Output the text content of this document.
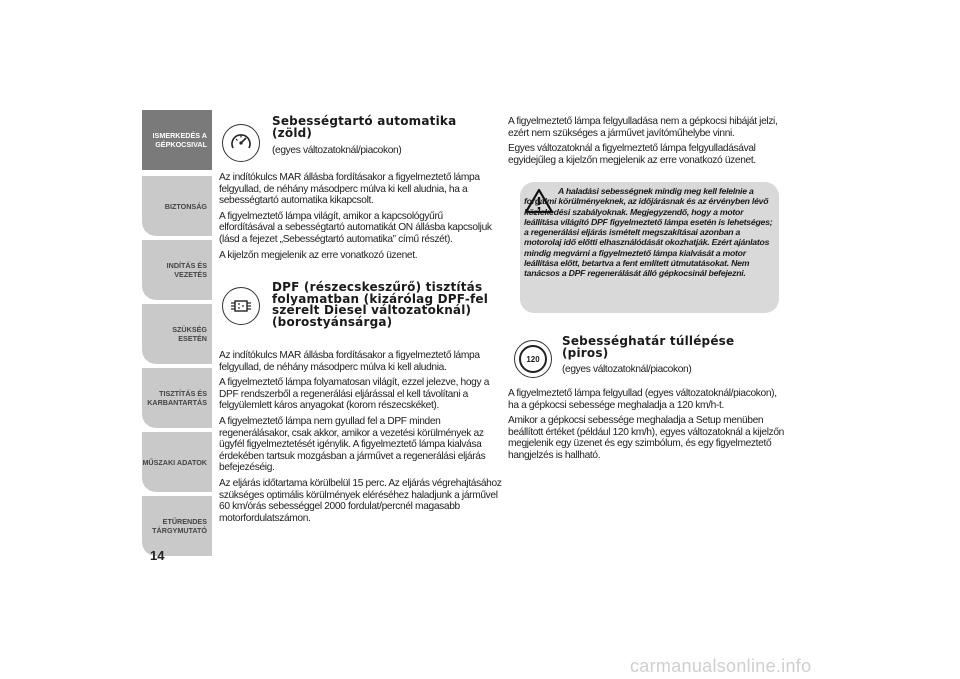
ISMERKEDÉS A
GÉPKOCSIVAL
BIZTONSÁG
INDÍTÁS ÉS VEZETÉS
SZÜKSÉG ESETÉN
TISZTÍTÁS ÉS
KARBANTARTÁS
MŰSZAKI ADATOK
ETŰRENDES
TÁRGYMUTATÓ
14
Sebességtartó automatika (zöld)
(egyes változatoknál/piacokon)

Az indítókulcs MAR állásba fordításakor a figyelmeztető lámpa felgyullad, de néhány másodperc múlva ki kell aludnia, ha a sebességtartó automatika kikapcsolt.

A figyelmeztető lámpa világít, amikor a kapcsológyűrű elfordításával a sebességtartó automatikát ON állásba kapcsoljuk (lásd a fejezet „Sebességtartó automatika” című részét).

A kijelzőn megjelenik az erre vonatkozó üzenet.

DPF (részecskeszűrő) tisztítás folyamatban (kizárólag DPF-fel szerelt Diesel változatoknál) (borostyánsárga)

Az indítókulcs MAR állásba fordításakor a figyelmeztető lámpa felgyullad, de néhány másodperc múlva ki kell aludnia.

A figyelmeztető lámpa folyamatosan világít, ezzel jelezve, hogy a DPF rendszerből a regenerálási eljárással el kell távolítani a felgyülemlett káros anyagokat (korom részecskéket).

A figyelmeztető lámpa nem gyullad fel a DPF minden regenerálásakor, csak akkor, amikor a vezetési körülmények az ügyfél figyelmeztetését igénylik. A figyelmeztető lámpa kialvása érdekében tartsuk mozgásban a járművet a regenerálási eljárás befejezéséig.

Az eljárás időtartama körülbelül 15 perc. Az eljárás végrehajtásához szükséges optimális körülmények eléréséhez haladjunk a járművel 60 km/órás sebességgel 2000 fordulat/percnél magasabb motorfordulatszámon.

A figyelmeztető lámpa felgyulladása nem a gépkocsi hibáját jelzi, ezért nem szükséges a járművet javítóműhelybe vinni.

Egyes változatoknál a figyelmeztető lámpa felgyulladásával egyidejűleg a kijelzőn megjelenik az erre vonatkozó üzenet.

A haladási sebességnek mindig meg kell felelnie a forgalmi körülményeknek, az időjárásnak és az érvényben lévő közlekedési szabályoknak. Megjegyzendő, hogy a motor leállítása világító DPF figyelmeztető lámpa esetén is lehetséges; a regenerálási eljárás ismételt megszakításai azonban a motorolaj idő előtti elhasználódását okozhatják. Ezért ajánlatos mindig megvárni a figyelmeztető lámpa kialvását a motor leállítása előtt, betartva a fent említett útmutatásokat. Nem tanácsos a DPF regenerálását álló gépkocsinál befejezni.
120
Sebességhatár túllépése (piros)
(egyes változatoknál/piacokon)

A figyelmeztető lámpa felgyullad (egyes változatoknál/piacokon), ha a gépkocsi sebessége meghaladja a 120 km/h-t.

Amikor a gépkocsi sebessége meghaladja a Setup menüben beállított értéket (például 120 km/h), egyes változatoknál a kijelzőn megjelenik egy üzenet és egy szimbólum, és egy figyelmeztető hangjelzés is hallható.

carmanualsonline.info
